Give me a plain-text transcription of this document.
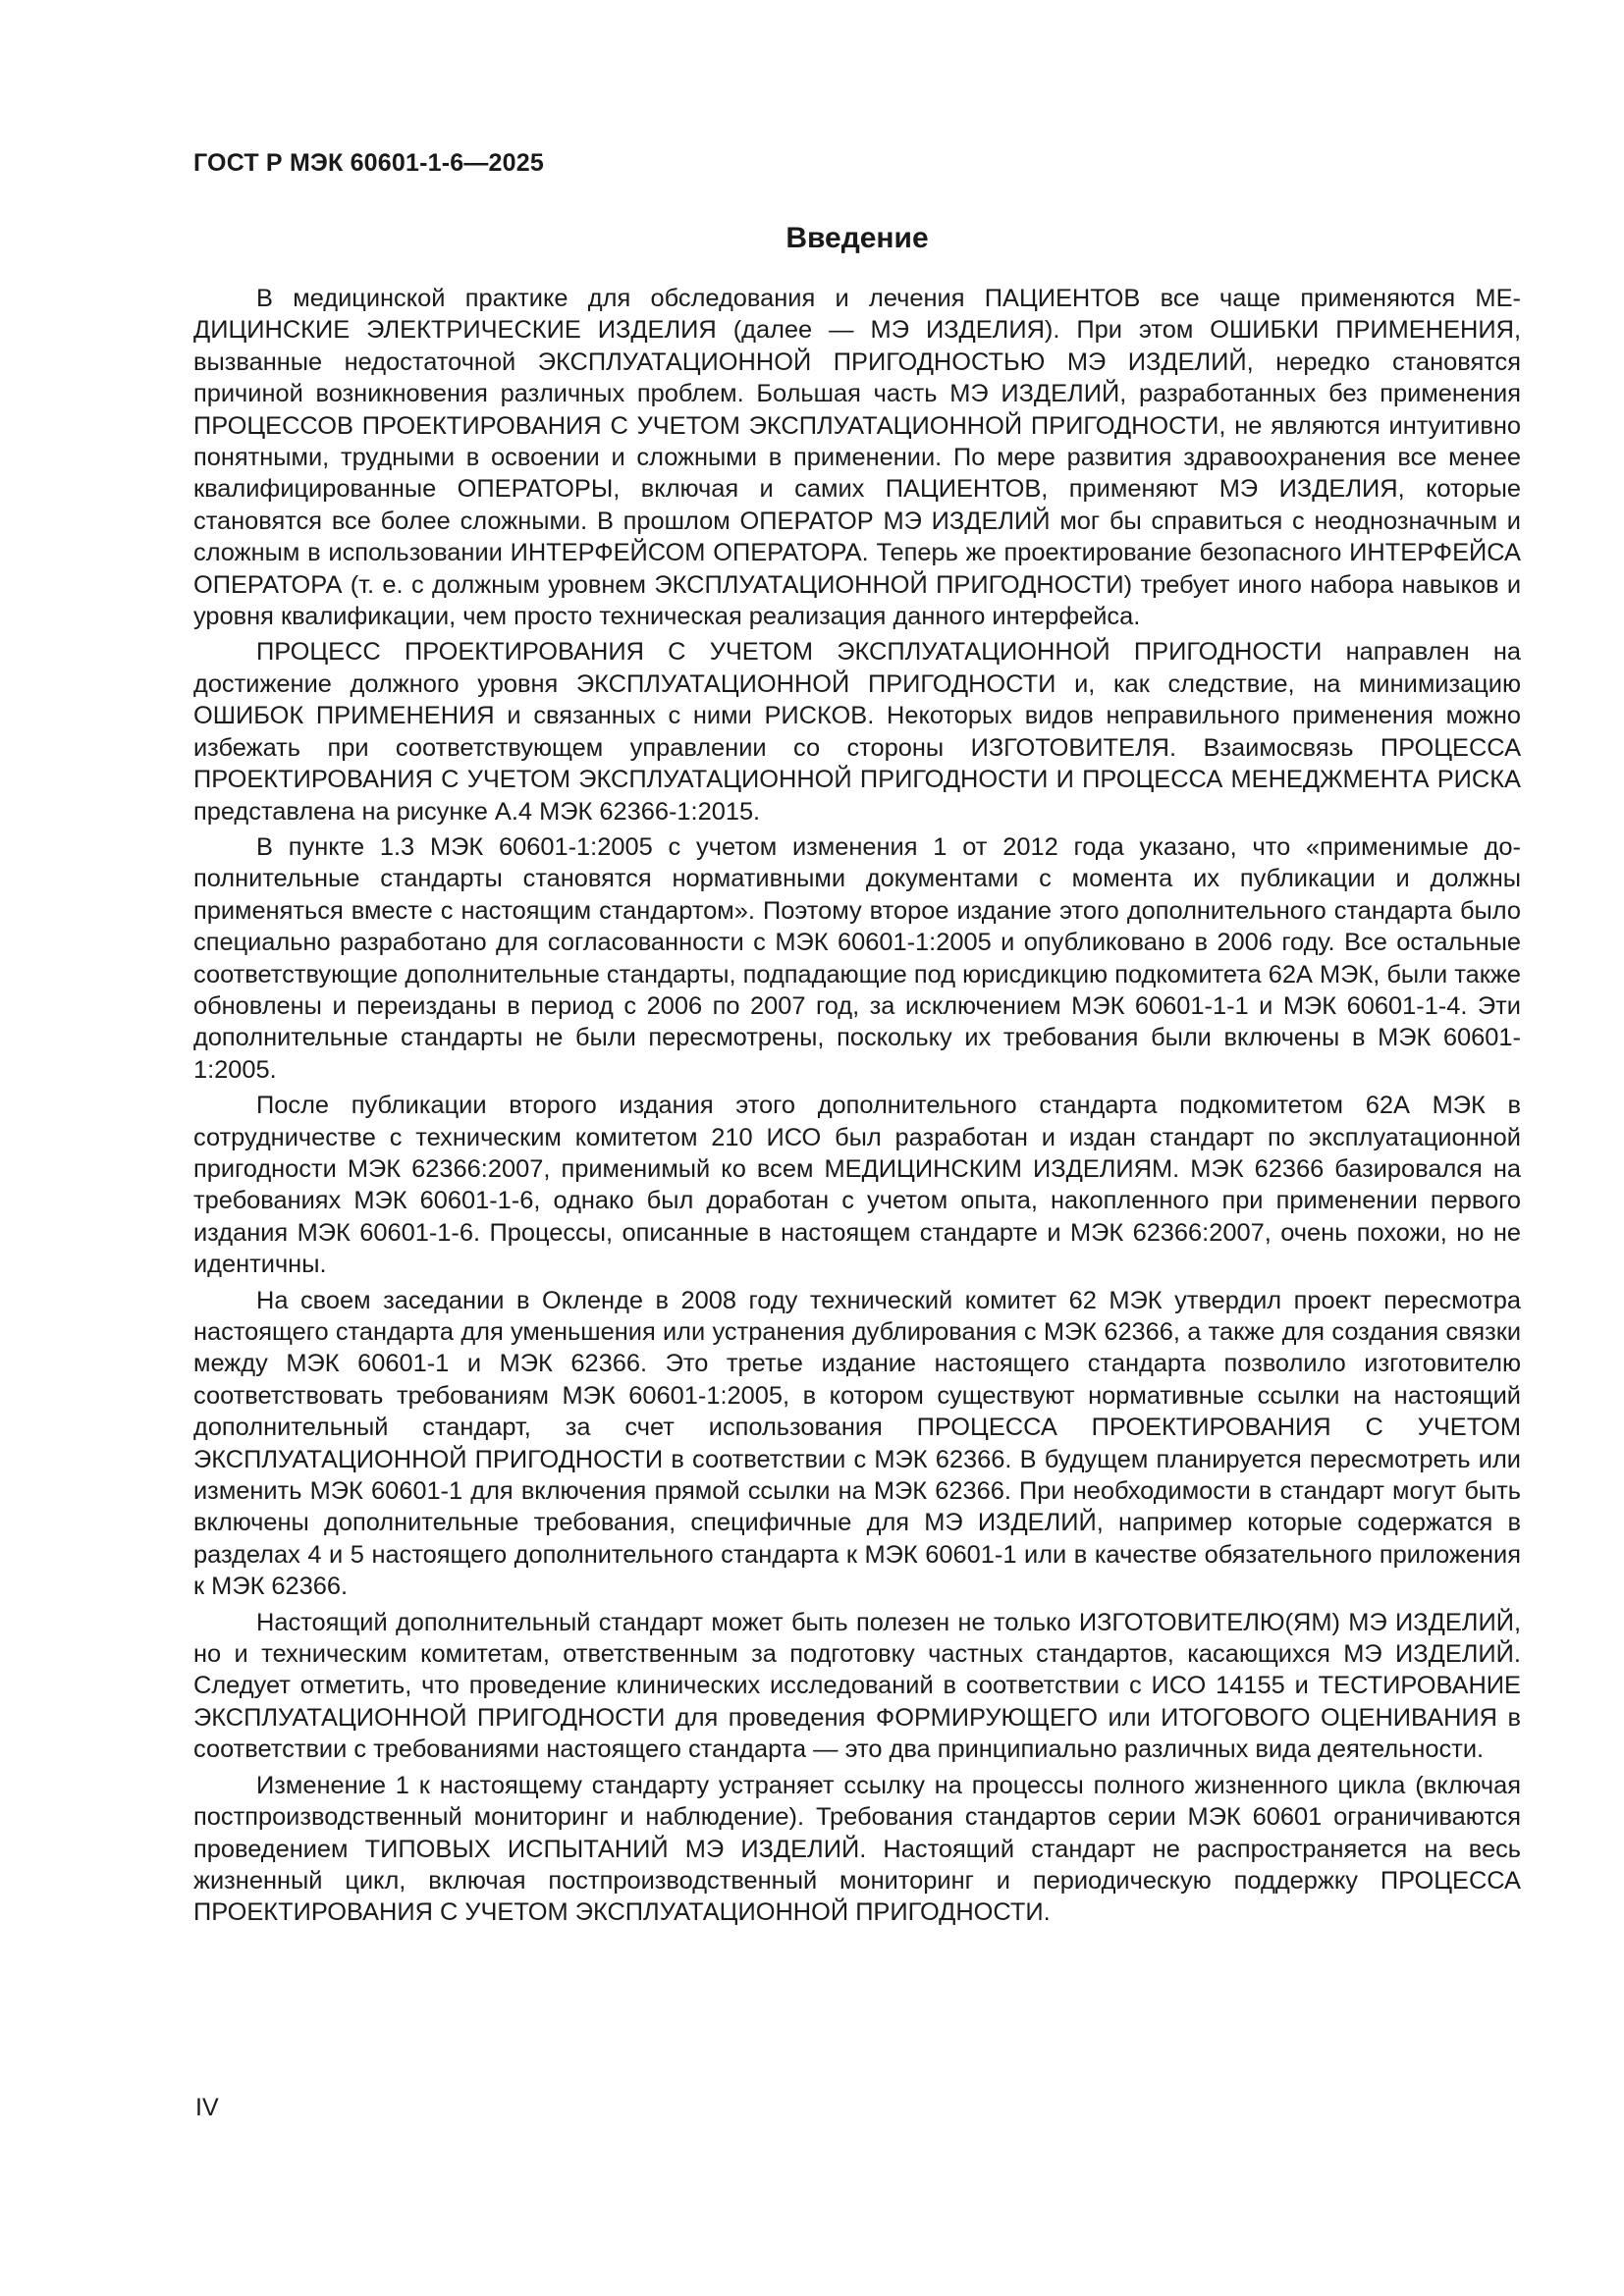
ГОСТ Р МЭК 60601-1-6—2025
Введение

В медицинской практике для обследования и лечения ПАЦИЕНТОВ все чаще применяются МЕДИЦИНСКИЕ ЭЛЕКТРИЧЕСКИЕ ИЗДЕЛИЯ (далее — МЭ ИЗДЕЛИЯ). При этом ОШИБКИ ПРИМЕНЕНИЯ, вызванные недостаточной ЭКСПЛУАТАЦИОННОЙ ПРИГОДНОСТЬЮ МЭ ИЗДЕЛИЙ, нередко становятся причиной возникновения различных проблем. Большая часть МЭ ИЗДЕЛИЙ, разработанных без применения ПРОЦЕССОВ ПРОЕКТИРОВАНИЯ С УЧЕТОМ ЭКСПЛУАТАЦИОННОЙ ПРИГОДНОСТИ, не являются интуитивно понятными, трудными в освоении и сложными в применении. По мере развития здравоохранения все менее квалифицированные ОПЕРАТОРЫ, включая и самих ПАЦИЕНТОВ, применяют МЭ ИЗДЕЛИЯ, которые становятся все более сложными. В прошлом ОПЕРАТОР МЭ ИЗДЕЛИЙ мог бы справиться с неоднозначным и сложным в использовании ИНТЕРФЕЙСОМ ОПЕРАТОРА. Теперь же проектирование безопасного ИНТЕРФЕЙСА ОПЕРАТОРА (т. е. с должным уровнем ЭКСПЛУАТАЦИОННОЙ ПРИГОДНОСТИ) требует иного набора навыков и уровня квалификации, чем просто техническая реализация данного интерфейса.

ПРОЦЕСС ПРОЕКТИРОВАНИЯ С УЧЕТОМ ЭКСПЛУАТАЦИОННОЙ ПРИГОДНОСТИ направлен на достижение должного уровня ЭКСПЛУАТАЦИОННОЙ ПРИГОДНОСТИ и, как следствие, на минимизацию ОШИБОК ПРИМЕНЕНИЯ и связанных с ними РИСКОВ. Некоторых видов неправильного применения можно избежать при соответствующем управлении со стороны ИЗГОТОВИТЕЛЯ. Взаимосвязь ПРОЦЕССА ПРОЕКТИРОВАНИЯ С УЧЕТОМ ЭКСПЛУАТАЦИОННОЙ ПРИГОДНОСТИ И ПРОЦЕССА МЕНЕДЖМЕНТА РИСКА представлена на рисунке А.4 МЭК 62366-1:2015.

В пункте 1.3 МЭК 60601-1:2005 с учетом изменения 1 от 2012 года указано, что «применимые дополнительные стандарты становятся нормативными документами с момента их публикации и должны применяться вместе с настоящим стандартом». Поэтому второе издание этого дополнительного стандарта было специально разработано для согласованности с МЭК 60601-1:2005 и опубликовано в 2006 году. Все остальные соответствующие дополнительные стандарты, подпадающие под юрисдикцию подкомитета 62А МЭК, были также обновлены и переизданы в период с 2006 по 2007 год, за исключением МЭК 60601-1-1 и МЭК 60601-1-4. Эти дополнительные стандарты не были пересмотрены, поскольку их требования были включены в МЭК 60601-1:2005.

После публикации второго издания этого дополнительного стандарта подкомитетом 62А МЭК в сотрудничестве с техническим комитетом 210 ИСО был разработан и издан стандарт по эксплуатационной пригодности МЭК 62366:2007, применимый ко всем МЕДИЦИНСКИМ ИЗДЕЛИЯМ. МЭК 62366 базировался на требованиях МЭК 60601-1-6, однако был доработан с учетом опыта, накопленного при применении первого издания МЭК 60601-1-6. Процессы, описанные в настоящем стандарте и МЭК 62366:2007, очень похожи, но не идентичны.

На своем заседании в Окленде в 2008 году технический комитет 62 МЭК утвердил проект пересмотра настоящего стандарта для уменьшения или устранения дублирования с МЭК 62366, а также для создания связки между МЭК 60601-1 и МЭК 62366. Это третье издание настоящего стандарта позволило изготовителю соответствовать требованиям МЭК 60601-1:2005, в котором существуют нормативные ссылки на настоящий дополнительный стандарт, за счет использования ПРОЦЕССА ПРОЕКТИРОВАНИЯ С УЧЕТОМ ЭКСПЛУАТАЦИОННОЙ ПРИГОДНОСТИ в соответствии с МЭК 62366. В будущем планируется пересмотреть или изменить МЭК 60601-1 для включения прямой ссылки на МЭК 62366. При необходимости в стандарт могут быть включены дополнительные требования, специфичные для МЭ ИЗДЕЛИЙ, например которые содержатся в разделах 4 и 5 настоящего дополнительного стандарта к МЭК 60601-1 или в качестве обязательного приложения к МЭК 62366.

Настоящий дополнительный стандарт может быть полезен не только ИЗГОТОВИТЕЛЮ(ЯМ) МЭ ИЗДЕЛИЙ, но и техническим комитетам, ответственным за подготовку частных стандартов, касающихся МЭ ИЗДЕЛИЙ. Следует отметить, что проведение клинических исследований в соответствии с ИСО 14155 и ТЕСТИРОВАНИЕ ЭКСПЛУАТАЦИОННОЙ ПРИГОДНОСТИ для проведения ФОРМИРУЮЩЕГО или ИТОГОВОГО ОЦЕНИВАНИЯ в соответствии с требованиями настоящего стандарта — это два принципиально различных вида деятельности.

Изменение 1 к настоящему стандарту устраняет ссылку на процессы полного жизненного цикла (включая постпроизводственный мониторинг и наблюдение). Требования стандартов серии МЭК 60601 ограничиваются проведением ТИПОВЫХ ИСПЫТАНИЙ МЭ ИЗДЕЛИЙ. Настоящий стандарт не распространяется на весь жизненный цикл, включая постпроизводственный мониторинг и периодическую поддержку ПРОЦЕССА ПРОЕКТИРОВАНИЯ С УЧЕТОМ ЭКСПЛУАТАЦИОННОЙ ПРИГОДНОСТИ.

IV
